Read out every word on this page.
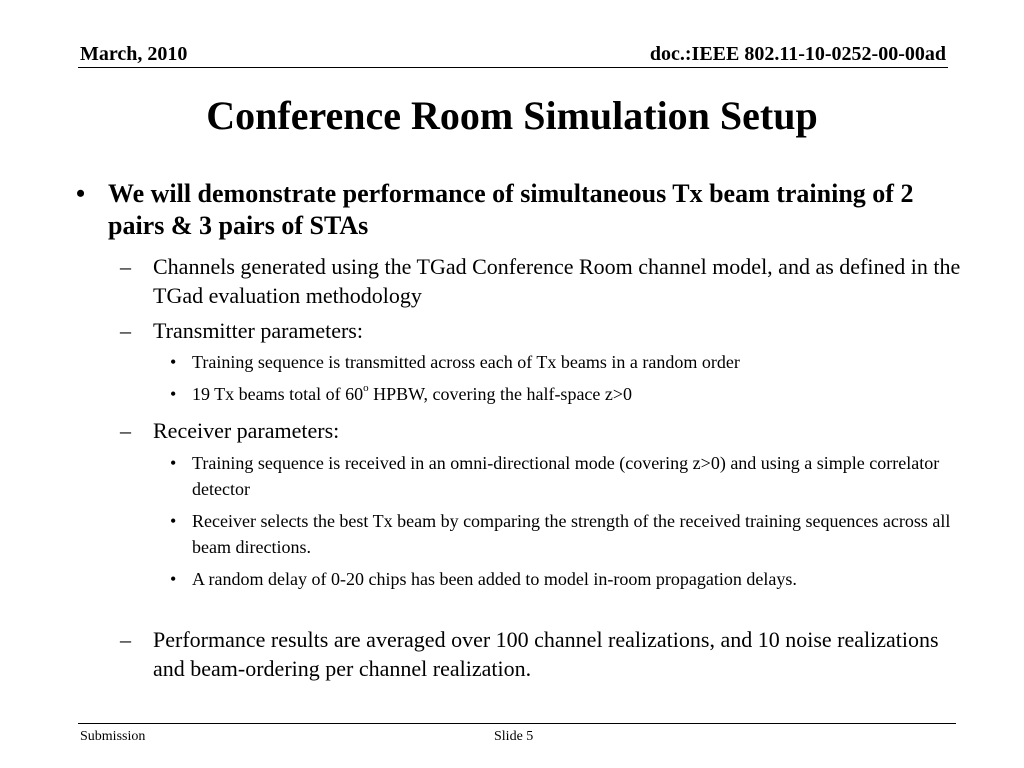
March, 2010	doc.:IEEE 802.11-10-0252-00-00ad
Conference Room Simulation Setup
• We will demonstrate performance of simultaneous Tx beam training of 2 pairs & 3 pairs of STAs
– Channels generated using the TGad Conference Room channel model, and as defined in the TGad evaluation methodology
– Transmitter parameters:
• Training sequence is transmitted across each of Tx beams in a random order
• 19 Tx beams total of 60$^o$ HPBW, covering the half-space z>0
– Receiver parameters:
• Training sequence is received in an omni-directional mode (covering z>0) and using a simple correlator detector
• Receiver selects the best Tx beam by comparing the strength of the received training sequences across all beam directions.
• A random delay of 0-20 chips has been added to model in-room propagation delays.
– Performance results are averaged over 100 channel realizations, and 10 noise realizations and beam-ordering per channel realization.
Submission	Slide 5
